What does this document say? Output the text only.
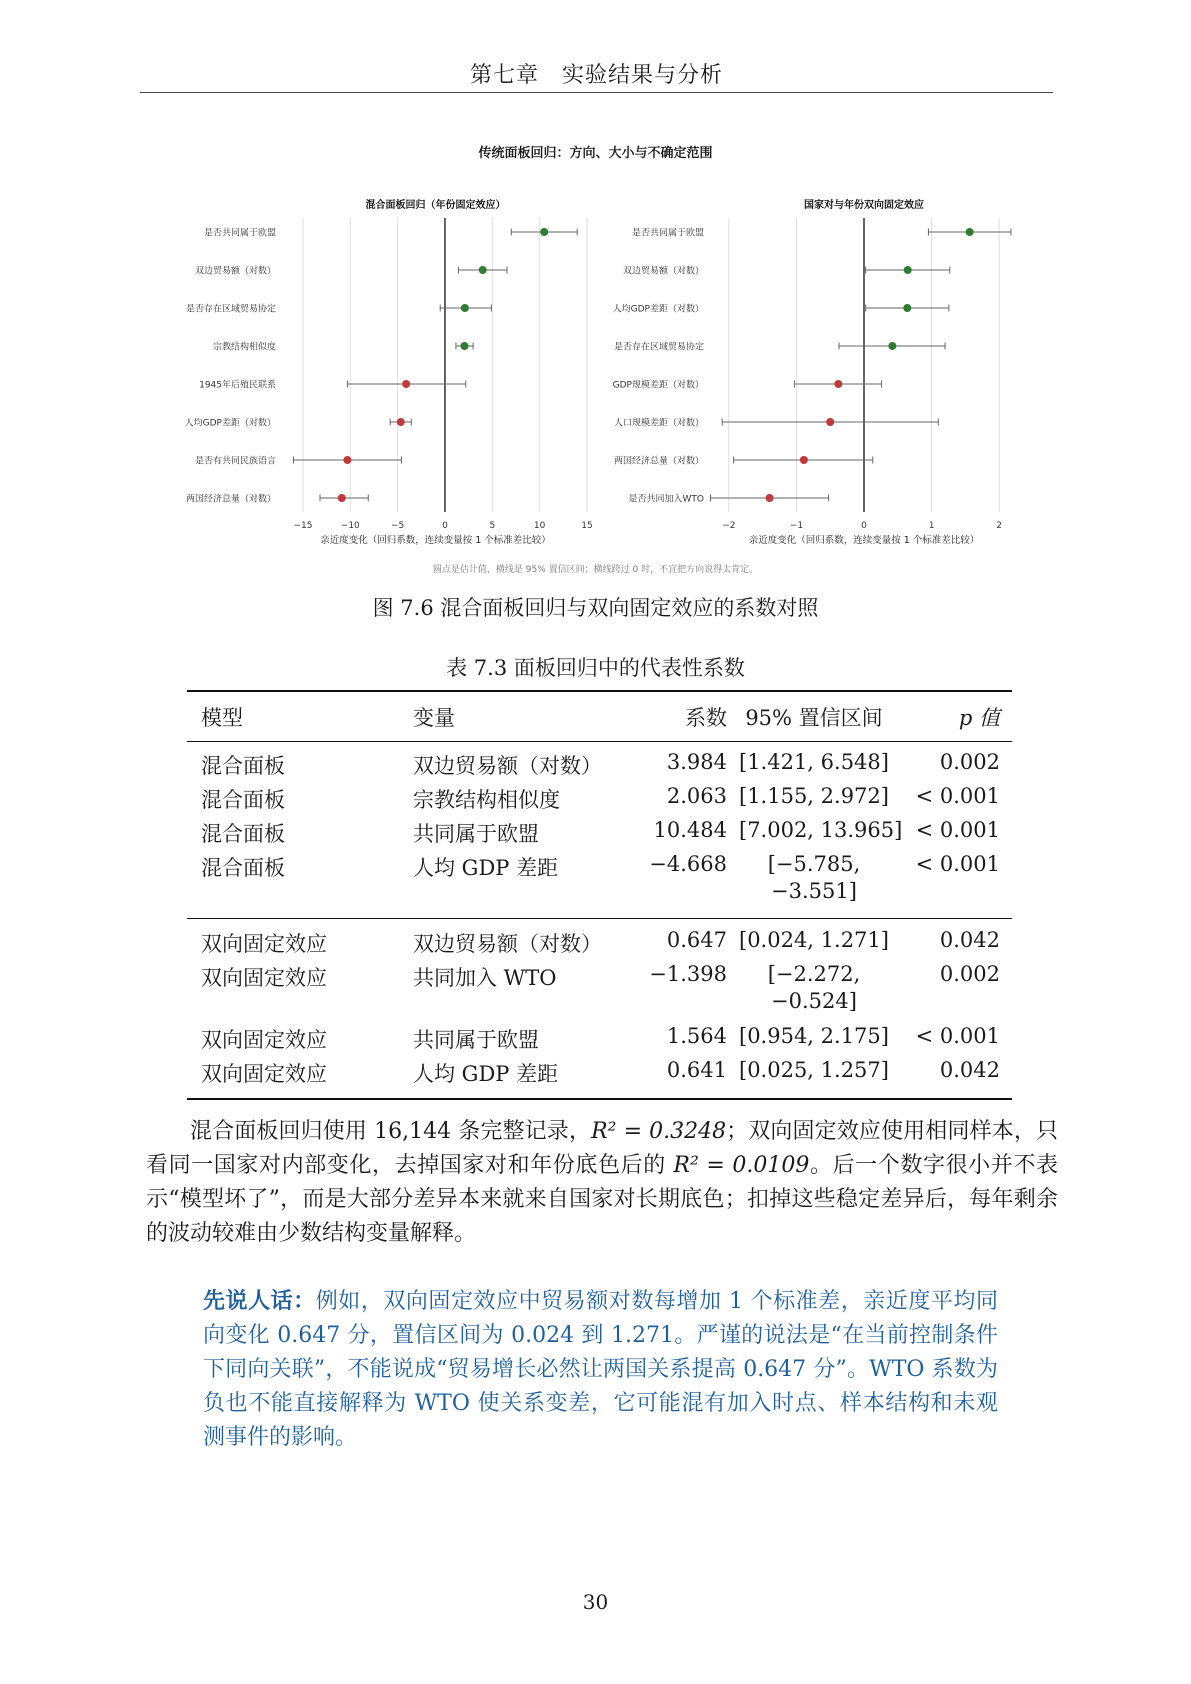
第七章　实验结果与分析
混合面板回归（年份固定效应）
−15	−10	−5	0	5	10	15
亲近度变化（回归系数，连续变量按 1 个标准差比较）
是否共同属于欧盟
双边贸易额（对数）
是否存在区域贸易协定
宗教结构相似度
1945年后殖民联系
人均GDP差距（对数）
是否有共同民族语言
两国经济总量（对数）
国家对与年份双向固定效应
−2	−1	0	1	2
亲近度变化（回归系数，连续变量按 1 个标准差比较）
是否共同属于欧盟
双边贸易额（对数）
人均GDP差距（对数）
是否存在区域贸易协定
GDP规模差距（对数）
人口规模差距（对数）
两国经济总量（对数）
是否共同加入WTO
传统面板回归：方向、大小与不确定范围
圆点是估计值，横线是 95% 置信区间；横线跨过 0 时，不宜把方向说得太肯定。
图 7.6 混合面板回归与双向固定效应的系数对照
表 7.3 面板回归中的代表性系数
模型	变量	系数 95% 置信区间	p 值
混合面板	双边贸易额（对数）	3.984 [1.421, 6.548]	0.002
混合面板	宗教结构相似度	2.063 [1.155, 2.972]	< 0.001
混合面板	共同属于欧盟	10.484 [7.002, 13.965] < 0.001
混合面板	人均 GDP 差距	−4.668	[−5.785,
−3.551]
< 0.001
双向固定效应	双边贸易额（对数）	0.647 [0.024, 1.271]	0.042
双向固定效应	共同加入 WTO	−1.398	[−2.272,
−0.524]
0.002
双向固定效应	共同属于欧盟	1.564 [0.954, 2.175]	< 0.001
双向固定效应	人均 GDP 差距	0.641 [0.025, 1.257]	0.042
混合面板回归使用 16,144 条完整记录，R² = 0.3248；双向固定效应使用相同样本，只看同一国家对内部变化，去掉国家对和年份底色后的 R² = 0.0109。后一个数字很小并不表示“模型坏了”，而是大部分差异本来就来自国家对长期底色；扣掉这些稳定差异后，每年剩余的波动较难由少数结构变量解释。
先说人话：例如，双向固定效应中贸易额对数每增加 1 个标准差，亲近度平均同向变化 0.647 分，置信区间为 0.024 到 1.271。严谨的说法是“在当前控制条件下同向关联”，不能说成“贸易增长必然让两国关系提高 0.647 分”。WTO 系数为负也不能直接解释为 WTO 使关系变差，它可能混有加入时点、样本结构和未观测事件的影响。
30
